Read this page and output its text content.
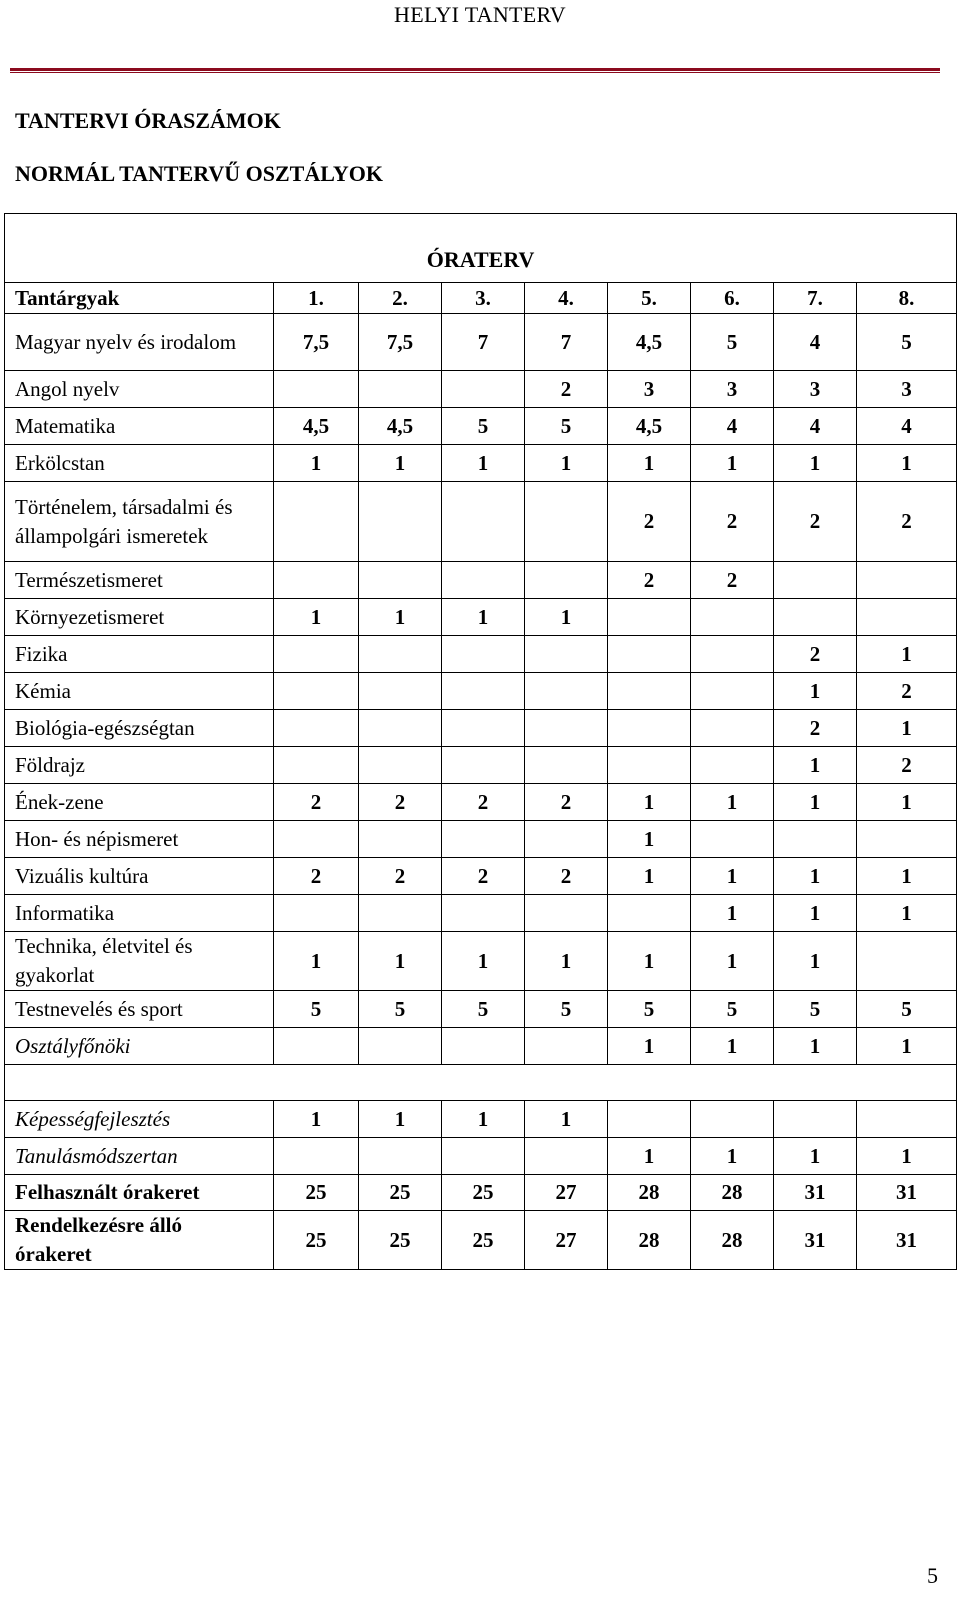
HELYI TANTERV
TANTERVI ÓRASZÁMOK
NORMÁL TANTERVŰ OSZTÁLYOK
ÓRATERV								

Tantárgyak	1.	2.	3.	4.	5.	6.	7.	8.
Magyar nyelv és irodalom	7,5	7,5	7	7	4,5	5	4	5
Angol nyelv				2	3	3	3	3
Matematika	4,5	4,5	5	5	4,5	4	4	4
Erkölcstan	1	1	1	1	1	1	1	1
Történelem, társadalmi és állampolgári ismeretek					2	2	2	2
Természetismeret					2	2		
Környezetismeret	1	1	1	1				
Fizika							2	1
Kémia							1	2
Biológia-egészségtan							2	1
Földrajz							1	2
Ének-zene	2	2	2	2	1	1	1	1
Hon- és népismeret					1			
Vizuális kultúra	2	2	2	2	1	1	1	1
Informatika						1	1	1
Technika, életvitel és gyakorlat	1	1	1	1	1	1	1	
Testnevelés és sport	5	5	5	5	5	5	5	5
Osztályfőnöki					1	1	1	1

Képességfejlesztés	1	1	1	1				
Tanulásmódszertan					1	1	1	1
Felhasznált órakeret	25	25	25	27	28	28	31	31
Rendelkezésre álló órakeret	25	25	25	27	28	28	31	31
5
